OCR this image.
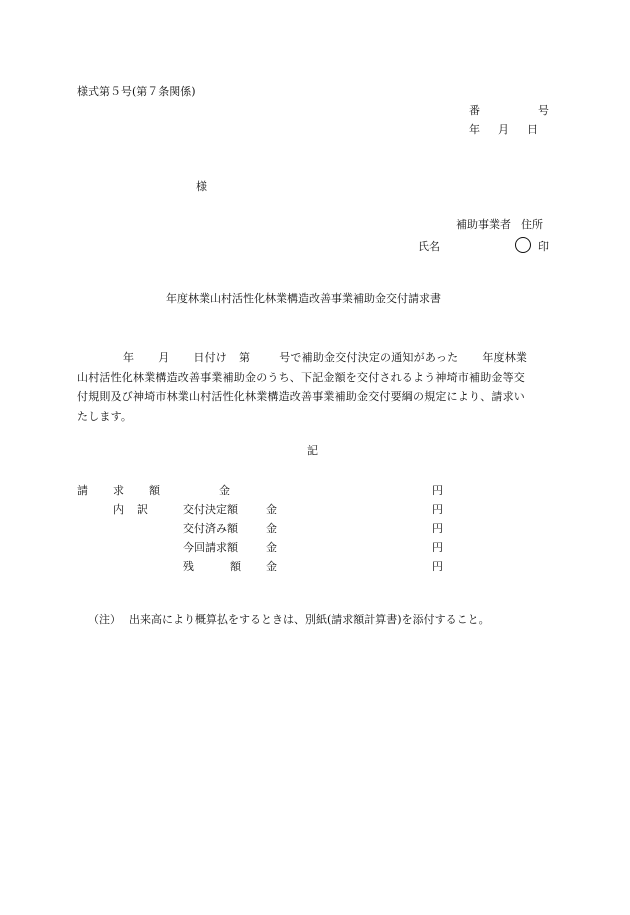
様式第５号(第７条関係)
番	号
年 月 日
様
補助事業者 住所
氏名	印
年度林業山村活性化林業構造改善事業補助金交付請求書
年 月 日付け 第	号で補助金交付決定の通知があった 年度林業
山村活性化林業構造改善事業補助金のうち、下記金額を交付されるよう神埼市補助金等交
付規則及び神埼市林業山村活性化林業構造改善事業補助金交付要綱の規定により、請求い
たします。
記
請 求 額	金	円
内 訳	交付決定額	金	円
交付済み額	金	円
今回請求額	金	円
残	額 金	円
（注） 出来高により概算払をするときは、別紙(請求額計算書)を添付すること。
